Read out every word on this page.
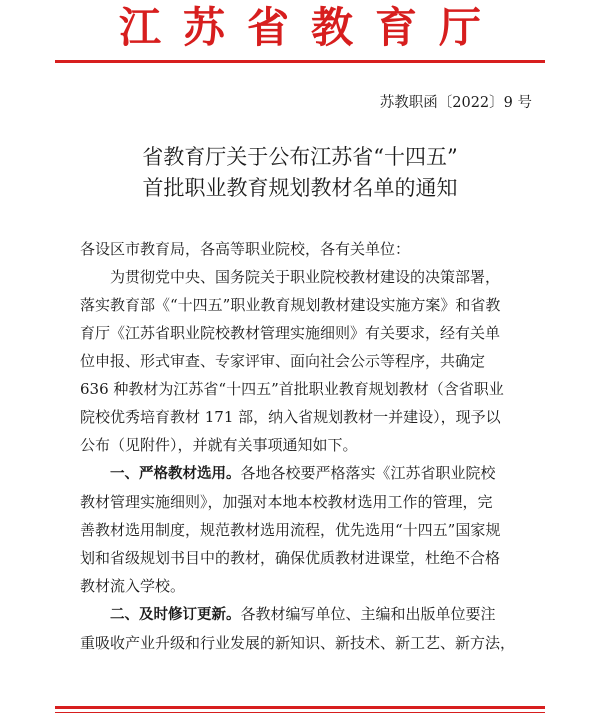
江苏省教育厅
苏教职函〔2022〕9 号
省教育厅关于公布江苏省“十四五”
首批职业教育规划教材名单的通知

各设区市教育局，各高等职业院校，各有关单位：

为贯彻党中央、国务院关于职业院校教材建设的决策部署，
落实教育部《“十四五”职业教育规划教材建设实施方案》和省教
育厅《江苏省职业院校教材管理实施细则》有关要求，经有关单
位申报、形式审查、专家评审、面向社会公示等程序，共确定
636 种教材为江苏省“十四五”首批职业教育规划教材（含省职业
院校优秀培育教材 171 部，纳入省规划教材一并建设），现予以
公布（见附件），并就有关事项通知如下。

一、严格教材选用。各地各校要严格落实《江苏省职业院校
教材管理实施细则》，加强对本地本校教材选用工作的管理，完
善教材选用制度，规范教材选用流程，优先选用“十四五”国家规
划和省级规划书目中的教材，确保优质教材进课堂，杜绝不合格
教材流入学校。

二、及时修订更新。各教材编写单位、主编和出版单位要注
重吸收产业升级和行业发展的新知识、新技术、新工艺、新方法，
